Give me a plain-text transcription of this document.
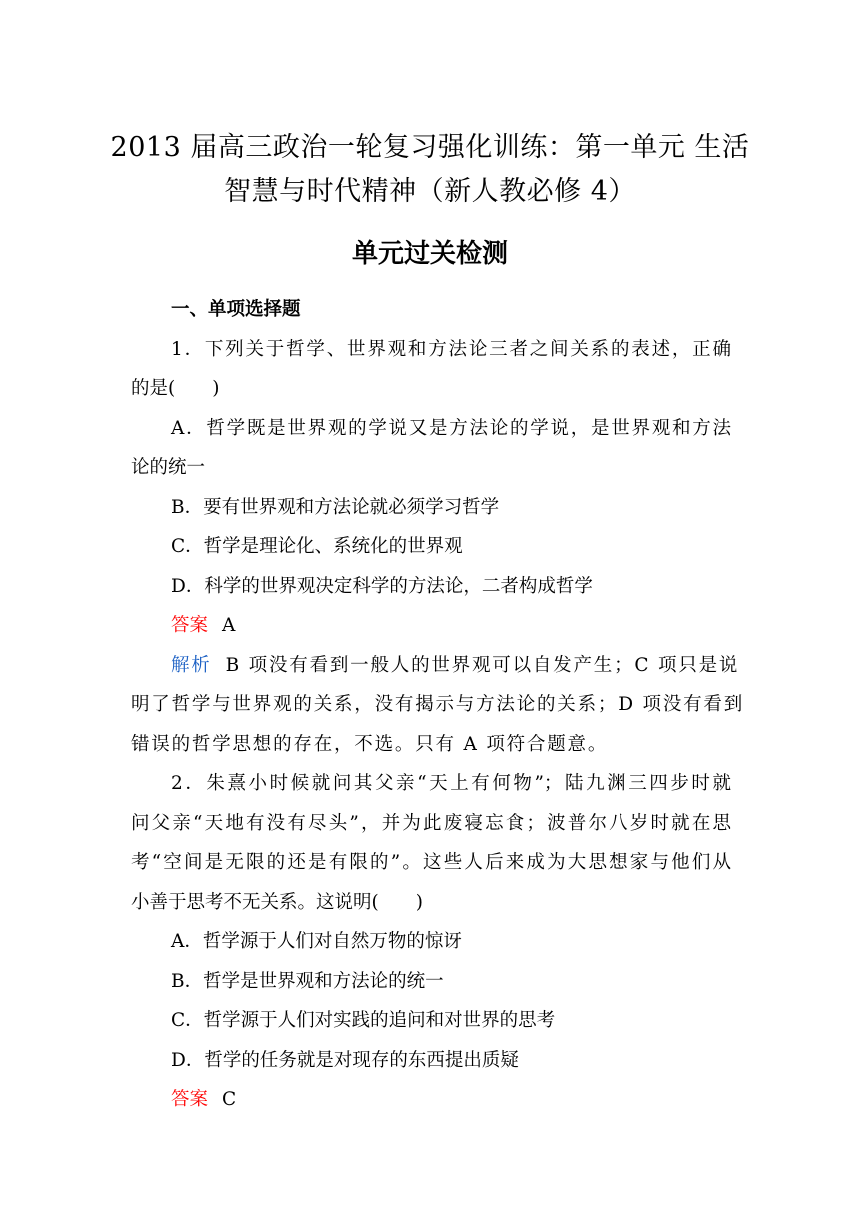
2013 届高三政治一轮复习强化训练：第一单元 生活
智慧与时代精神（新人教必修 4）
单元过关检测

一、单项选择题

1．下列关于哲学、世界观和方法论三者之间关系的表述，正确

的是(　　)

A．哲学既是世界观的学说又是方法论的学说，是世界观和方法

论的统一

B．要有世界观和方法论就必须学习哲学

C．哲学是理论化、系统化的世界观

D．科学的世界观决定科学的方法论，二者构成哲学

答案 A

解析 B 项没有看到一般人的世界观可以自发产生；C 项只是说

明了哲学与世界观的关系，没有揭示与方法论的关系；D 项没有看到

错误的哲学思想的存在，不选。只有 A 项符合题意。

2．朱熹小时候就问其父亲“天上有何物”；陆九渊三四步时就

问父亲“天地有没有尽头”，并为此废寝忘食；波普尔八岁时就在思

考“空间是无限的还是有限的”。这些人后来成为大思想家与他们从

小善于思考不无关系。这说明(　　)

A．哲学源于人们对自然万物的惊讶

B．哲学是世界观和方法论的统一

C．哲学源于人们对实践的追问和对世界的思考

D．哲学的任务就是对现存的东西提出质疑

答案 C
